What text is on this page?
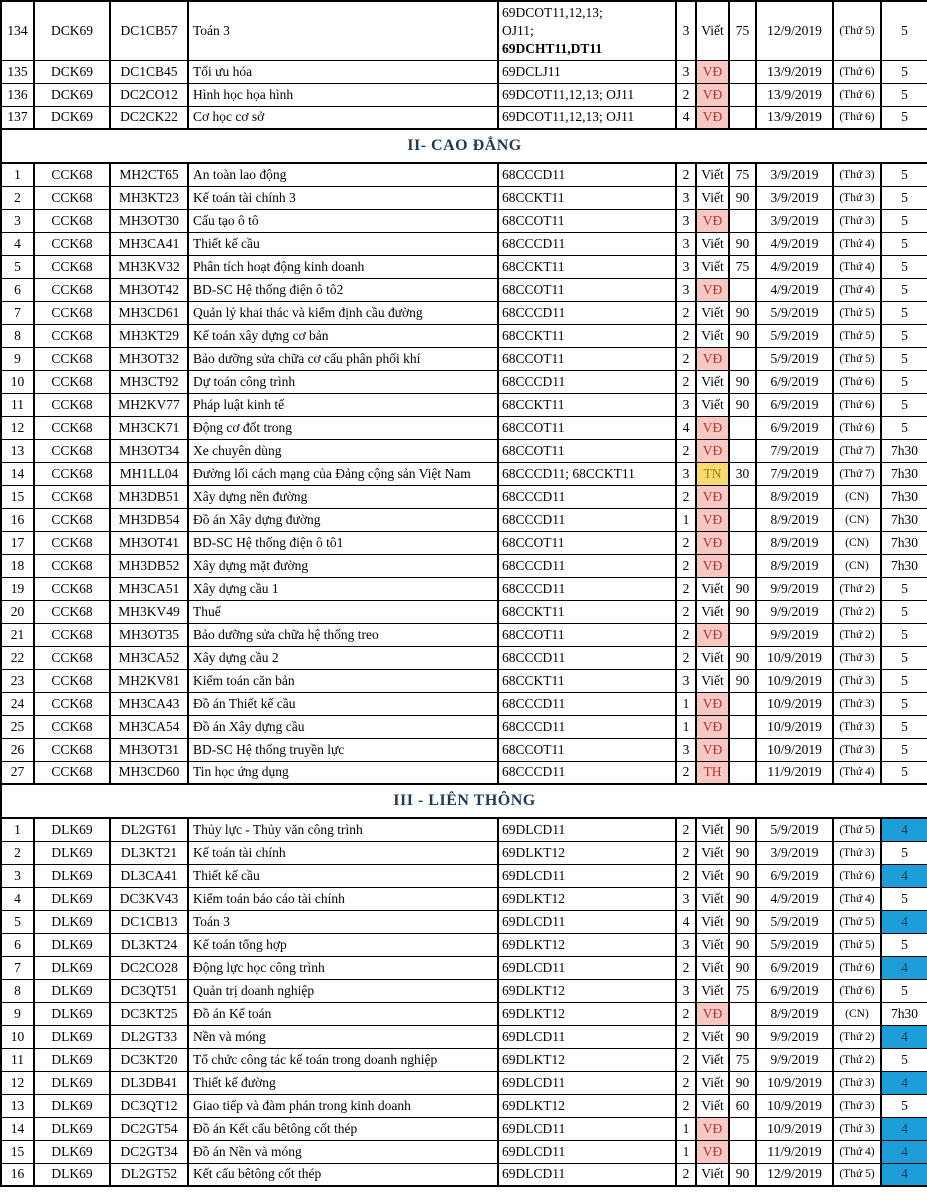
134	DCK69	DC1CB57	Toán 3	69DCOT11,12,13;
OJ11;
69DCHT11,DT11	3	Viết	75	12/9/2019	(Thứ 5)	5
135	DCK69	DC1CB45	Tối ưu hóa	69DCLJ11	3	VĐ		13/9/2019	(Thứ 6)	5
136	DCK69	DC2CO12	Hình học họa hình	69DCOT11,12,13; OJ11	2	VĐ		13/9/2019	(Thứ 6)	5
137	DCK69	DC2CK22	Cơ học cơ sở	69DCOT11,12,13; OJ11	4	VĐ		13/9/2019	(Thứ 6)	5
II- CAO ĐẲNG										
1	CCK68	MH2CT65	An toàn lao động	68CCCD11	2	Viết	75	3/9/2019	(Thứ 3)	5
2	CCK68	MH3KT23	Kế toán tài chính 3	68CCKT11	3	Viết	90	3/9/2019	(Thứ 3)	5
3	CCK68	MH3OT30	Cấu tạo ô tô	68CCOT11	3	VĐ		3/9/2019	(Thứ 3)	5
4	CCK68	MH3CA41	Thiết kế cầu	68CCCD11	3	Viết	90	4/9/2019	(Thứ 4)	5
5	CCK68	MH3KV32	Phân tích hoạt động kinh doanh	68CCKT11	3	Viết	75	4/9/2019	(Thứ 4)	5
6	CCK68	MH3OT42	BD-SC Hệ thống điện ô tô2	68CCOT11	3	VĐ		4/9/2019	(Thứ 4)	5
7	CCK68	MH3CD61	Quản lý khai thác và kiểm định cầu đường	68CCCD11	2	Viết	90	5/9/2019	(Thứ 5)	5
8	CCK68	MH3KT29	Kế toán xây dựng cơ bản	68CCKT11	2	Viết	90	5/9/2019	(Thứ 5)	5
9	CCK68	MH3OT32	Bảo dưỡng sửa chữa cơ cấu phân phối khí	68CCOT11	2	VĐ		5/9/2019	(Thứ 5)	5
10	CCK68	MH3CT92	Dự toán công trình	68CCCD11	2	Viết	90	6/9/2019	(Thứ 6)	5
11	CCK68	MH2KV77	Pháp luật kinh tế	68CCKT11	3	Viết	90	6/9/2019	(Thứ 6)	5
12	CCK68	MH3CK71	Động cơ đốt trong	68CCOT11	4	VĐ		6/9/2019	(Thứ 6)	5
13	CCK68	MH3OT34	Xe chuyên dùng	68CCOT11	2	VĐ		7/9/2019	(Thứ 7)	7h30
14	CCK68	MH1LL04	Đường lối cách mạng của Đảng cộng sản Việt Nam	68CCCD11; 68CCKT11	3	TN	30	7/9/2019	(Thứ 7)	7h30
15	CCK68	MH3DB51	Xây dựng nền đường	68CCCD11	2	VĐ		8/9/2019	(CN)	7h30
16	CCK68	MH3DB54	Đồ án Xây dựng đường	68CCCD11	1	VĐ		8/9/2019	(CN)	7h30
17	CCK68	MH3OT41	BD-SC Hệ thống điện ô tô1	68CCOT11	2	VĐ		8/9/2019	(CN)	7h30
18	CCK68	MH3DB52	Xây dựng mặt đường	68CCCD11	2	VĐ		8/9/2019	(CN)	7h30
19	CCK68	MH3CA51	Xây dựng cầu 1	68CCCD11	2	Viết	90	9/9/2019	(Thứ 2)	5
20	CCK68	MH3KV49	Thuế	68CCKT11	2	Viết	90	9/9/2019	(Thứ 2)	5
21	CCK68	MH3OT35	Bảo dưỡng sửa chữa hệ thống treo	68CCOT11	2	VĐ		9/9/2019	(Thứ 2)	5
22	CCK68	MH3CA52	Xây dựng cầu 2	68CCCD11	2	Viết	90	10/9/2019	(Thứ 3)	5
23	CCK68	MH2KV81	Kiểm toán căn bản	68CCKT11	3	Viết	90	10/9/2019	(Thứ 3)	5
24	CCK68	MH3CA43	Đồ án Thiết kế cầu	68CCCD11	1	VĐ		10/9/2019	(Thứ 3)	5
25	CCK68	MH3CA54	Đồ án Xây dựng cầu	68CCCD11	1	VĐ		10/9/2019	(Thứ 3)	5
26	CCK68	MH3OT31	BD-SC Hệ thống truyền lực	68CCOT11	3	VĐ		10/9/2019	(Thứ 3)	5
27	CCK68	MH3CD60	Tin học ứng dụng	68CCCD11	2	TH		11/9/2019	(Thứ 4)	5
III - LIÊN THÔNG										
1	DLK69	DL2GT61	Thủy lực - Thủy văn công trình	69DLCD11	2	Viết	90	5/9/2019	(Thứ 5)	4
2	DLK69	DL3KT21	Kế toán tài chính	69DLKT12	2	Viết	90	3/9/2019	(Thứ 3)	5
3	DLK69	DL3CA41	Thiết kế cầu	69DLCD11	2	Viết	90	6/9/2019	(Thứ 6)	4
4	DLK69	DC3KV43	Kiểm toán báo cáo tài chính	69DLKT12	3	Viết	90	4/9/2019	(Thứ 4)	5
5	DLK69	DC1CB13	Toán 3	69DLCD11	4	Viết	90	5/9/2019	(Thứ 5)	4
6	DLK69	DL3KT24	Kế toán tổng hợp	69DLKT12	3	Viết	90	5/9/2019	(Thứ 5)	5
7	DLK69	DC2CO28	Động lực học công trình	69DLCD11	2	Viết	90	6/9/2019	(Thứ 6)	4
8	DLK69	DC3QT51	Quản trị doanh nghiệp	69DLKT12	3	Viết	75	6/9/2019	(Thứ 6)	5
9	DLK69	DC3KT25	Đồ án Kế toán	69DLKT12	2	VĐ		8/9/2019	(CN)	7h30
10	DLK69	DL2GT33	Nền và móng	69DLCD11	2	Viết	90	9/9/2019	(Thứ 2)	4
11	DLK69	DC3KT20	Tổ chức công tác kế toán trong doanh nghiệp	69DLKT12	2	Viết	75	9/9/2019	(Thứ 2)	5
12	DLK69	DL3DB41	Thiết kế đường	69DLCD11	2	Viết	90	10/9/2019	(Thứ 3)	4
13	DLK69	DC3QT12	Giao tiếp và đàm phán trong kinh doanh	69DLKT12	2	Viết	60	10/9/2019	(Thứ 3)	5
14	DLK69	DC2GT54	Đồ án Kết cấu bêtông cốt thép	69DLCD11	1	VĐ		10/9/2019	(Thứ 3)	4
15	DLK69	DC2GT34	Đồ án Nền và móng	69DLCD11	1	VĐ		11/9/2019	(Thứ 4)	4
16	DLK69	DL2GT52	Kết cấu bêtông cốt thép	69DLCD11	2	Viết	90	12/9/2019	(Thứ 5)	4
